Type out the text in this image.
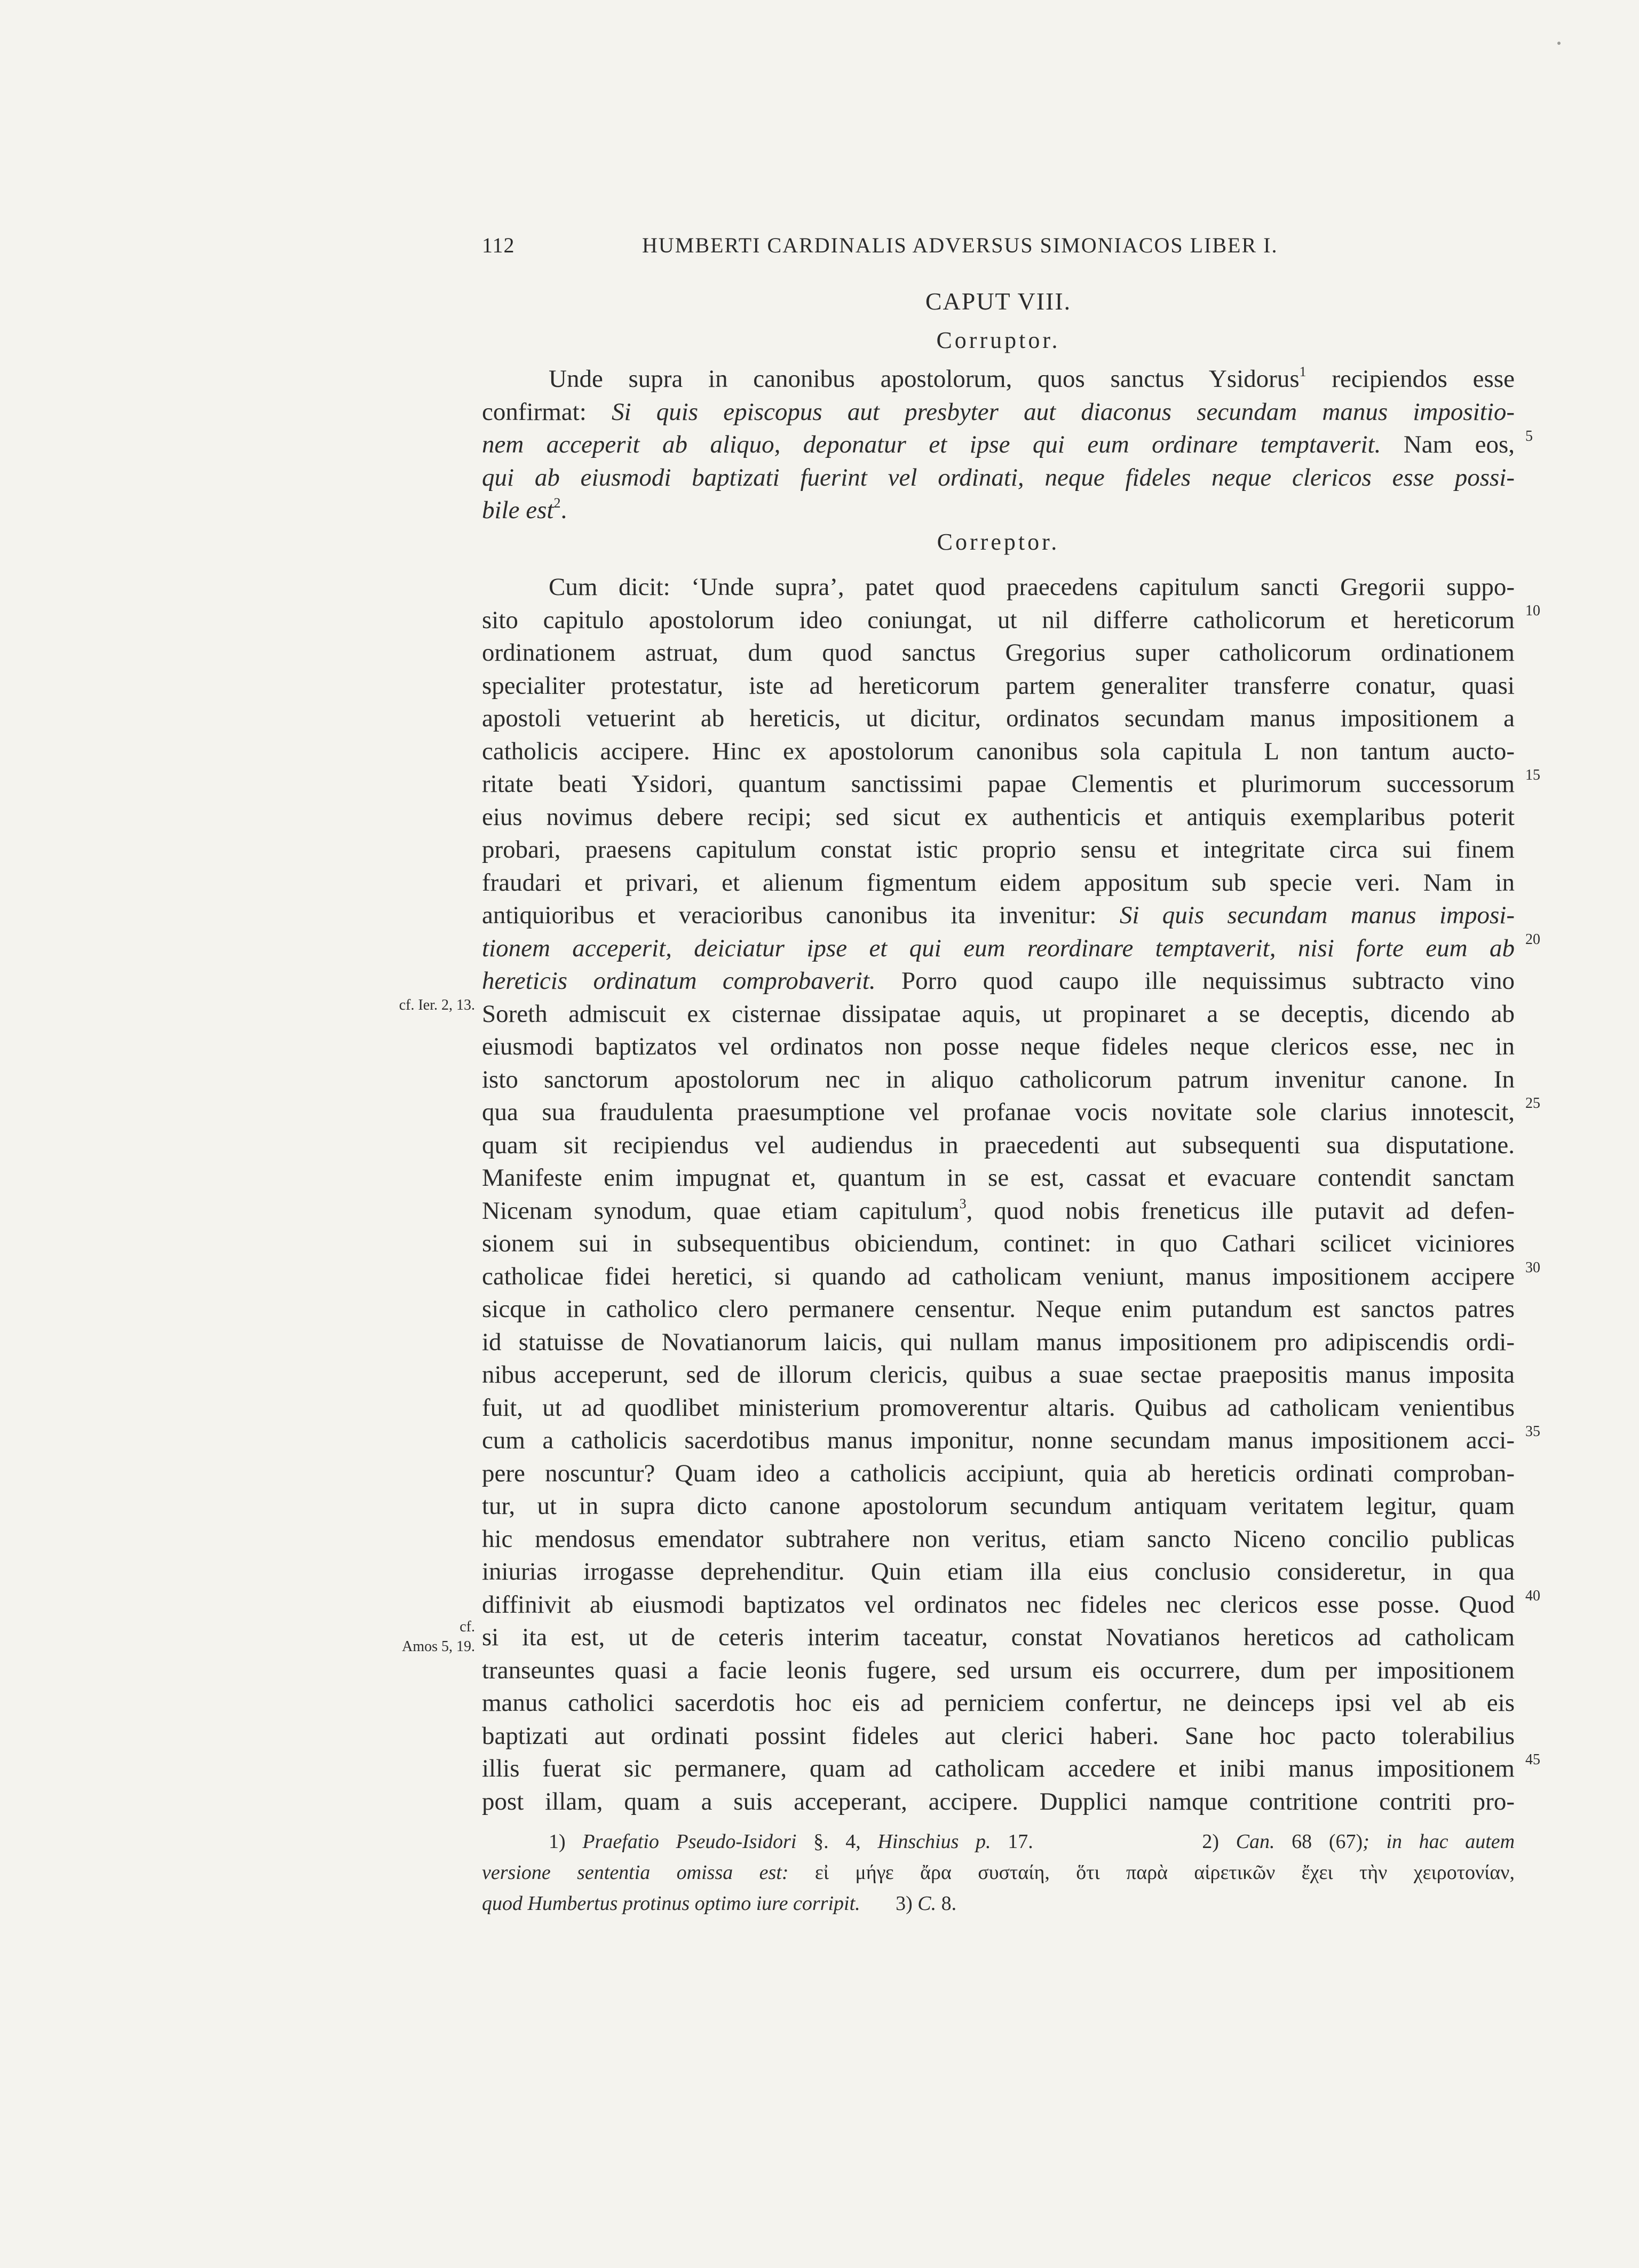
112	HUMBERTI CARDINALIS ADVERSUS SIMONIACOS LIBER I.
CAPUT VIII.
Corruptor.
Unde supra in canonibus apostolorum, quos sanctus Ysidorus$^1$ recipiendos esse
confirmat: Si quis episcopus aut presbyter aut diaconus secundam manus impositio-
nem acceperit ab aliquo, deponatur et ipse qui eum ordinare temptaverit. Nam eos,
qui ab eiusmodi baptizati fuerint vel ordinati, neque fideles neque clericos esse possi-
bile est$^2$.
Correptor.
Cum dicit: ‘Unde supra’, patet quod praecedens capitulum sancti Gregorii suppo-
sito capitulo apostolorum ideo coniungat, ut nil differre catholicorum et hereticorum
ordinationem astruat, dum quod sanctus Gregorius super catholicorum ordinationem
specialiter protestatur, iste ad hereticorum partem generaliter transferre conatur, quasi
apostoli vetuerint ab hereticis, ut dicitur, ordinatos secundam manus impositionem a
catholicis accipere. Hinc ex apostolorum canonibus sola capitula L non tantum aucto-
ritate beati Ysidori, quantum sanctissimi papae Clementis et plurimorum successorum
eius novimus debere recipi; sed sicut ex authenticis et antiquis exemplaribus poterit
probari, praesens capitulum constat istic proprio sensu et integritate circa sui finem
fraudari et privari, et alienum figmentum eidem appositum sub specie veri. Nam in
antiquioribus et veracioribus canonibus ita invenitur: Si quis secundam manus imposi-
tionem acceperit, deiciatur ipse et qui eum reordinare temptaverit, nisi forte eum ab
hereticis ordinatum comprobaverit. Porro quod caupo ille nequissimus subtracto vino
Soreth admiscuit ex cisternae dissipatae aquis, ut propinaret a se deceptis, dicendo ab
eiusmodi baptizatos vel ordinatos non posse neque fideles neque clericos esse, nec in
isto sanctorum apostolorum nec in aliquo catholicorum patrum invenitur canone. In
qua sua fraudulenta praesumptione vel profanae vocis novitate sole clarius innotescit,
quam sit recipiendus vel audiendus in praecedenti aut subsequenti sua disputatione.
Manifeste enim impugnat et, quantum in se est, cassat et evacuare contendit sanctam
Nicenam synodum, quae etiam capitulum$^3$, quod nobis freneticus ille putavit ad defen-
sionem sui in subsequentibus obiciendum, continet: in quo Cathari scilicet viciniores
catholicae fidei heretici, si quando ad catholicam veniunt, manus impositionem accipere
sicque in catholico clero permanere censentur. Neque enim putandum est sanctos patres
id statuisse de Novatianorum laicis, qui nullam manus impositionem pro adipiscendis ordi-
nibus acceperunt, sed de illorum clericis, quibus a suae sectae praepositis manus imposita
fuit, ut ad quodlibet ministerium promoverentur altaris. Quibus ad catholicam venientibus
cum a catholicis sacerdotibus manus imponitur, nonne secundam manus impositionem acci-
pere noscuntur? Quam ideo a catholicis accipiunt, quia ab hereticis ordinati comproban-
tur, ut in supra dicto canone apostolorum secundum antiquam veritatem legitur, quam
hic mendosus emendator subtrahere non veritus, etiam sancto Niceno concilio publicas
iniurias irrogasse deprehenditur. Quin etiam illa eius conclusio consideretur, in qua
diffinivit ab eiusmodi baptizatos vel ordinatos nec fideles nec clericos esse posse. Quod
si ita est, ut de ceteris interim taceatur, constat Novatianos hereticos ad catholicam
transeuntes quasi a facie leonis fugere, sed ursum eis occurrere, dum per impositionem
manus catholici sacerdotis hoc eis ad perniciem confertur, ne deinceps ipsi vel ab eis
baptizati aut ordinati possint fideles aut clerici haberi. Sane hoc pacto tolerabilius
illis fuerat sic permanere, quam ad catholicam accedere et inibi manus impositionem
post illam, quam a suis acceperant, accipere. Dupplici namque contritione contriti pro-
5
10
15
20
25
30
35
40
45
cf. Ier. 2, 13.
cf.
Amos 5, 19.
1) Praefatio Pseudo-Isidori §. 4, Hinschius p. 17.	2) Can. 68 (67); in hac autem
versione sententia omissa est: εἰ μήγε ἄρα συσταίη, ὅτι παρὰ αἱρετικῶν ἔχει τὴν χειροτονίαν,
quod Humbertus protinus optimo iure corripit. 3) C. 8.
